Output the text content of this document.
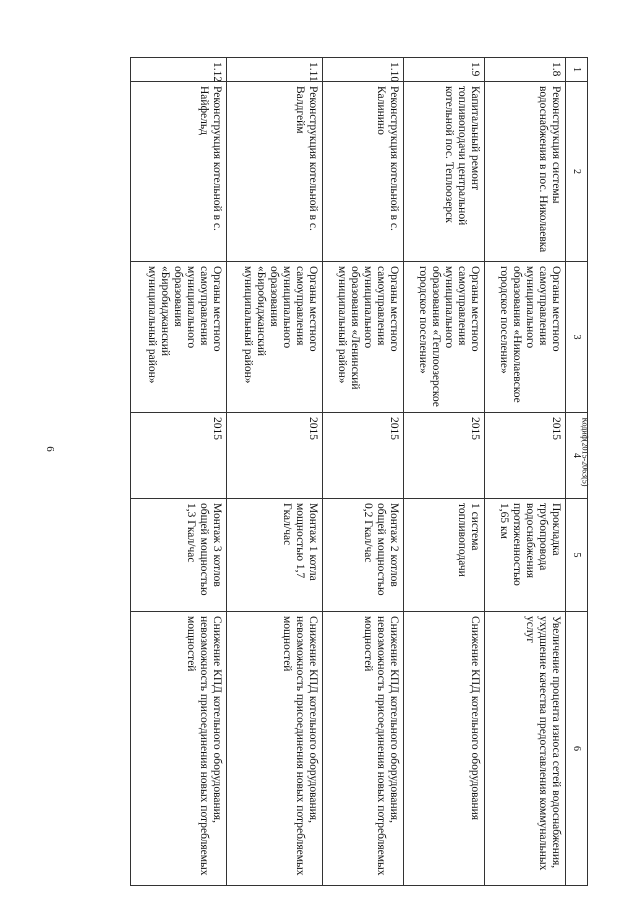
6	Кодиф(2015-2063(5)
1	2	3	4	5	6
1.8	Реконструкция системы водоснабжения в пос. Николаевка	Органы местного самоуправления муниципального образования «Николаевское городское поселение»	2015	Прокладка трубопровода водоснабжения протяженностью 1,65 км	Увеличение процента износа сетей водоснабжения, ухудшение качества предоставления коммунальных услуг
1.9	Капитальный ремонт топливоподачи центральной котельной пос. Теплоозерск	Органы местного самоуправления муниципального образования «Теплоозерское городское поселение»	2015	1 система топливоподачи	Снижение КПД котельного оборудования
1.10	Реконструкция котельной в с. Калинино	Органы местного самоуправления муниципального образования «Ленинский муниципальный район»	2015	Монтаж 2 котлов общей мощностью 0,2 Гкал/час	Снижение КПД котельного оборудования, невозможность присоединения новых потребляемых мощностей
1.11	Реконструкция котельной в с. Валдгейм	Органы местного самоуправления муниципального образования «Биробиджанский муниципальный район»	2015	Монтаж 1 котла мощностью 1,7 Гкал/час	Снижение КПД котельного оборудования, невозможность присоединения новых потребляемых мощностей
1.12	Реконструкция котельной в с. Найфельд	Органы местного самоуправления муниципального образования «Биробиджанский муниципальный район»	2015	Монтаж 3 котлов общей мощностью 1,3 Гкал/час	Снижение КПД котельного оборудования, невозможность присоединения новых потребляемых мощностей
